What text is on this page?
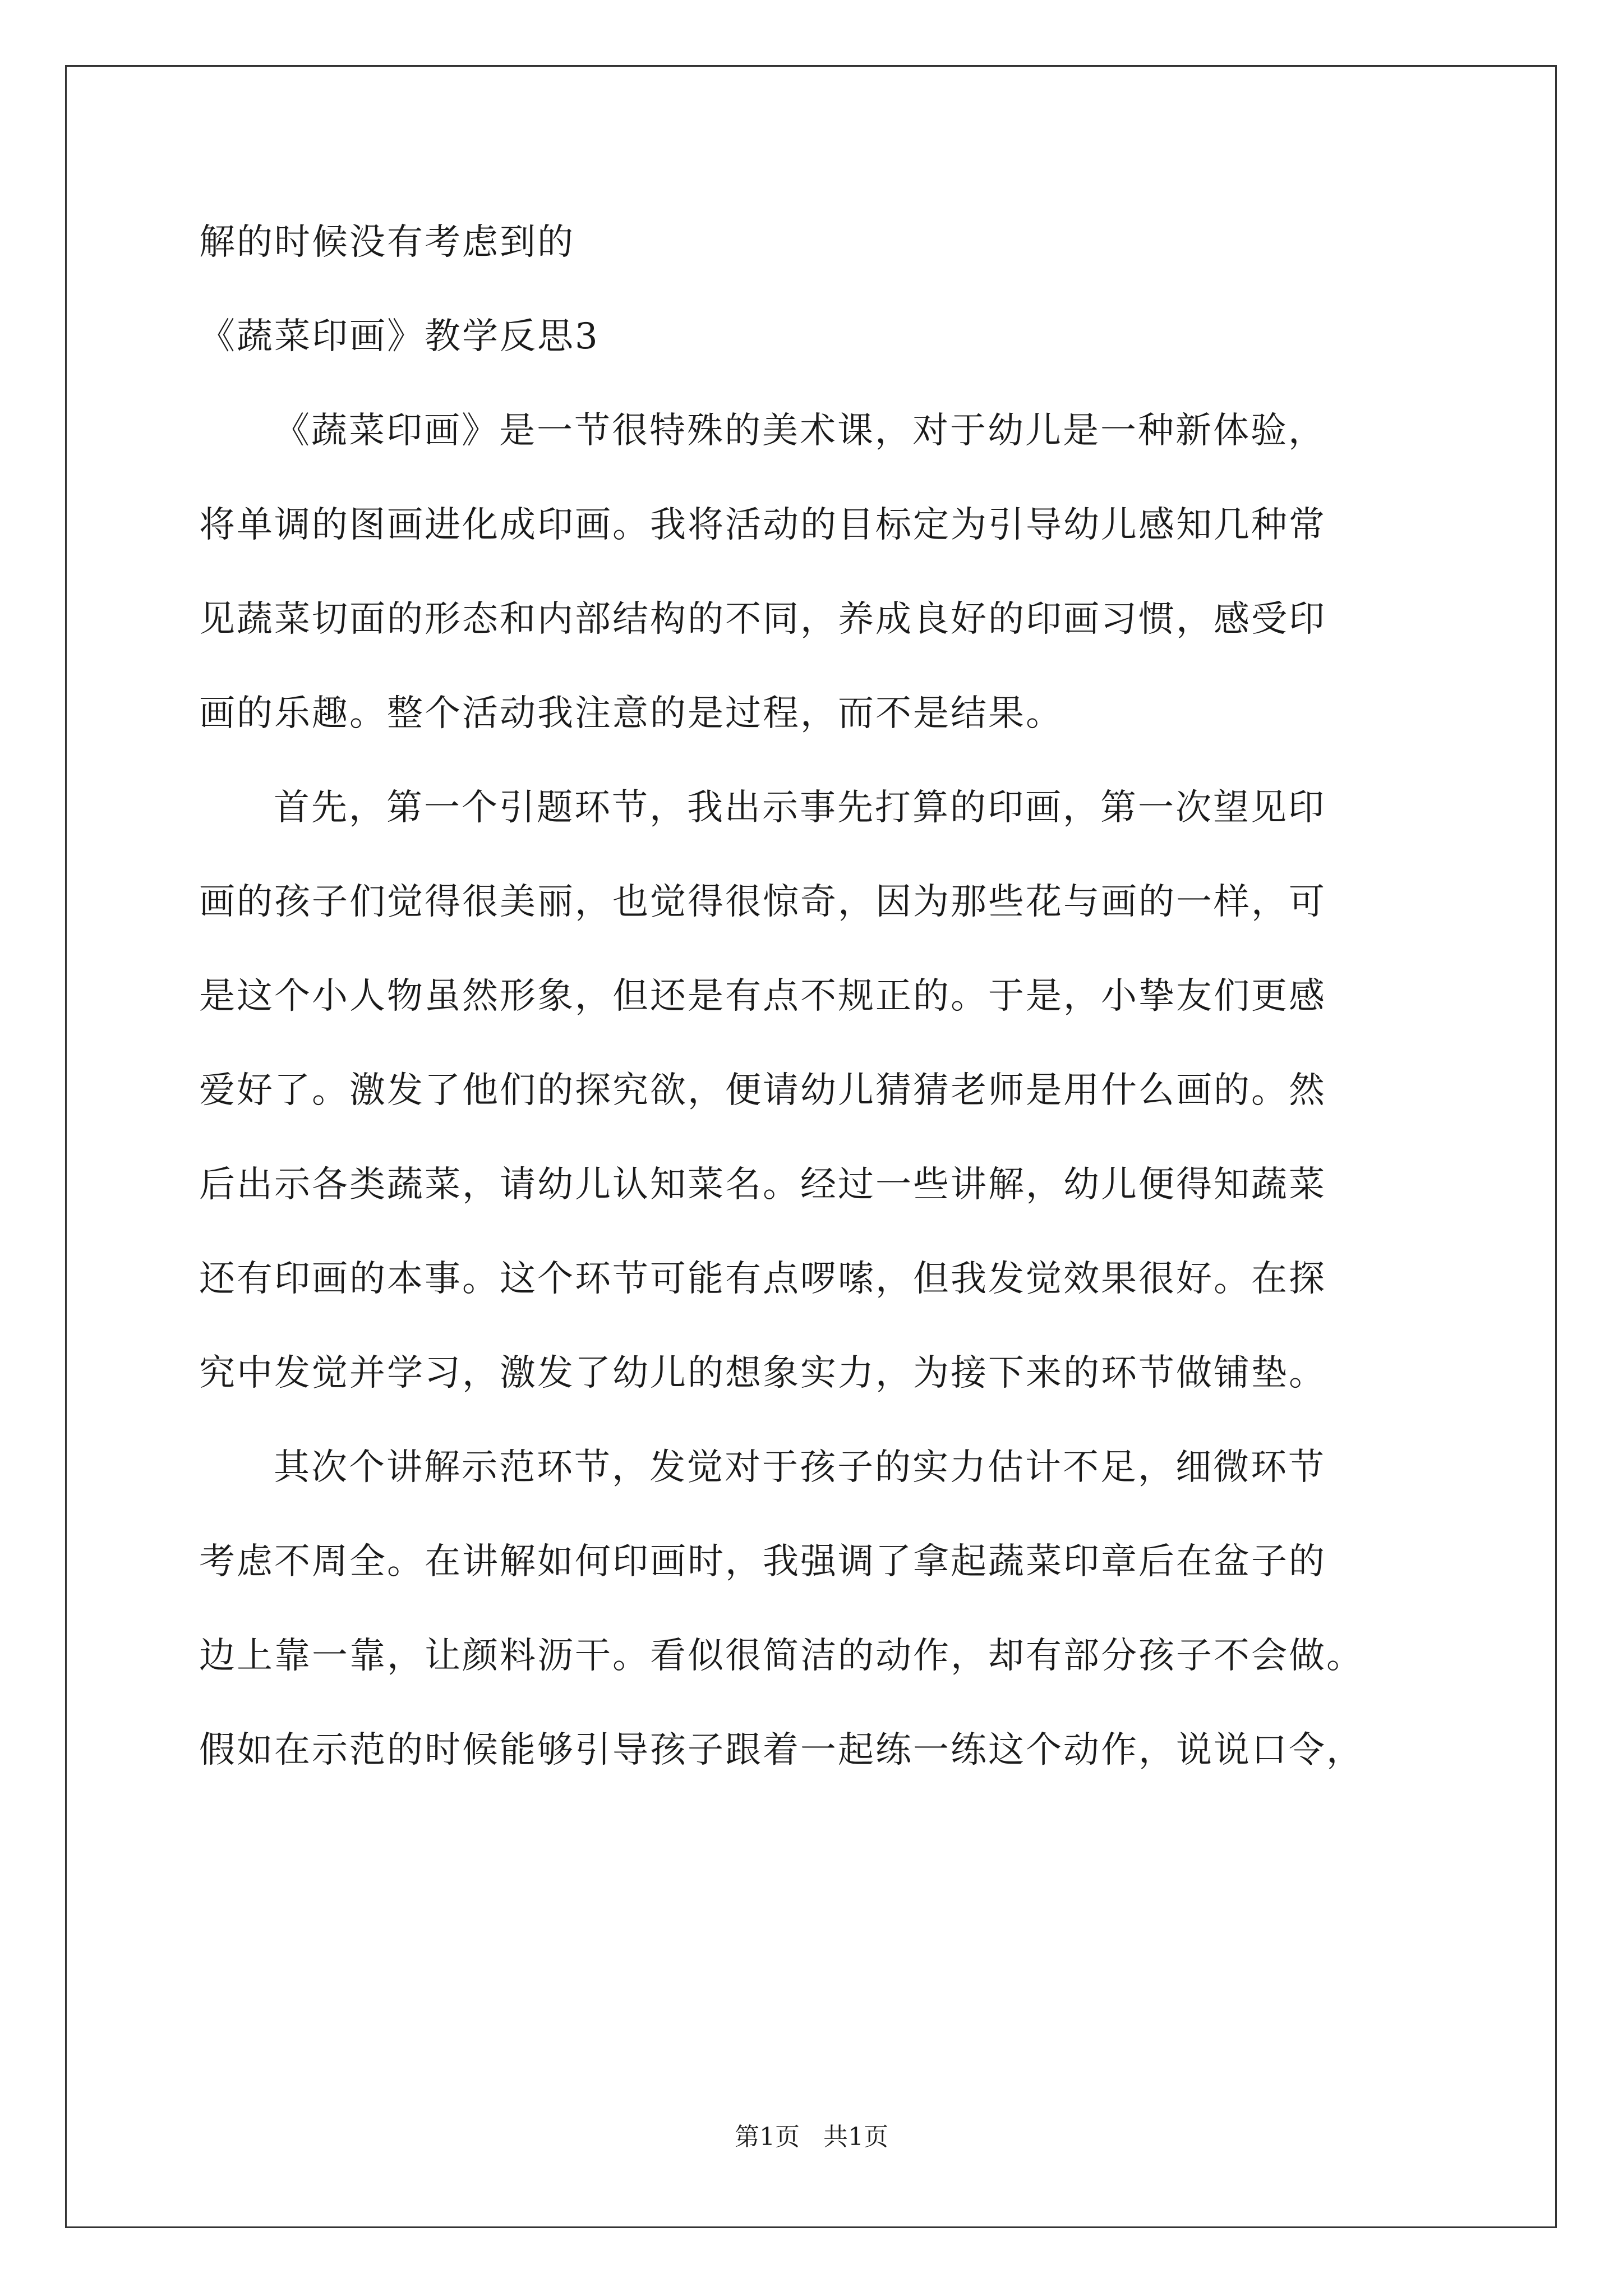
解的时候没有考虑到的
《蔬菜印画》教学反思3
《蔬菜印画》是一节很特殊的美术课，对于幼儿是一种新体验，
将单调的图画进化成印画。我将活动的目标定为引导幼儿感知几种常
见蔬菜切面的形态和内部结构的不同，养成良好的印画习惯，感受印
画的乐趣。整个活动我注意的是过程，而不是结果。
首先，第一个引题环节，我出示事先打算的印画，第一次望见印
画的孩子们觉得很美丽，也觉得很惊奇，因为那些花与画的一样，可
是这个小人物虽然形象，但还是有点不规正的。于是，小挚友们更感
爱好了。激发了他们的探究欲，便请幼儿猜猜老师是用什么画的。然
后出示各类蔬菜，请幼儿认知菜名。经过一些讲解，幼儿便得知蔬菜
还有印画的本事。这个环节可能有点啰嗦，但我发觉效果很好。在探
究中发觉并学习，激发了幼儿的想象实力，为接下来的环节做铺垫。
其次个讲解示范环节，发觉对于孩子的实力估计不足，细微环节
考虑不周全。在讲解如何印画时，我强调了拿起蔬菜印章后在盆子的
边上靠一靠，让颜料沥干。看似很简洁的动作，却有部分孩子不会做。
假如在示范的时候能够引导孩子跟着一起练一练这个动作，说说口令，
第1页   共1页
